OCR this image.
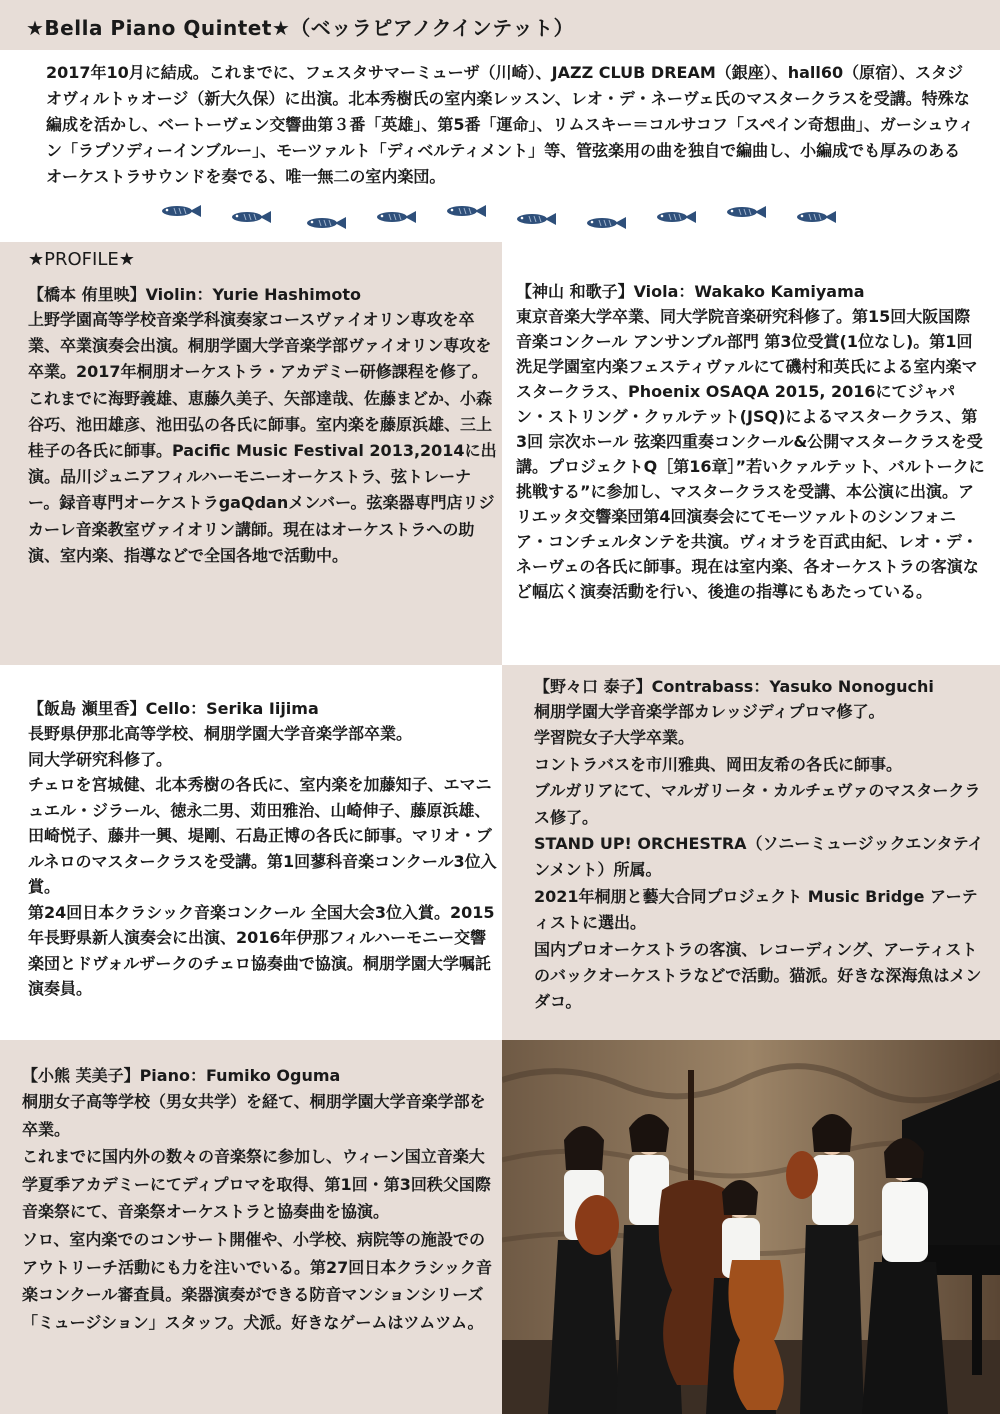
★Bella Piano Quintet★（ベッラピアノクインテット）
2017年10月に結成。これまでに、フェスタサマーミューザ（川崎）、JAZZ CLUB DREAM（銀座）、hall60（原宿）、スタジオヴィルトゥオージ（新大久保）に出演。北本秀樹氏の室内楽レッスン、レオ・デ・ネーヴェ氏のマスタークラスを受講。特殊な編成を活かし、ベートーヴェン交響曲第３番「英雄」、第5番「運命」、リムスキー＝コルサコフ「スペイン奇想曲」、ガーシュウィン「ラプソディーインブルー」、モーツァルト「ディベルティメント」等、管弦楽用の曲を独自で編曲し、小編成でも厚みのあるオーケストラサウンドを奏でる、唯一無二の室内楽団。
★PROFILE★
【橋本 侑里映】Violin：Yurie Hashimoto
上野学園高等学校音楽学科演奏家コースヴァイオリン専攻を卒業、卒業演奏会出演。桐朋学園大学音楽学部ヴァイオリン専攻を卒業。2017年桐朋オーケストラ・アカデミー研修課程を修了。これまでに海野義雄、恵藤久美子、矢部達哉、佐藤まどか、小森谷巧、池田雄彦、池田弘の各氏に師事。室内楽を藤原浜雄、三上桂子の各氏に師事。Pacific Music Festival 2013,2014に出演。品川ジュニアフィルハーモニーオーケストラ、弦トレーナー。録音専門オーケストラgaQdanメンバー。弦楽器専門店リジカーレ音楽教室ヴァイオリン講師。現在はオーケストラへの助演、室内楽、指導などで全国各地で活動中。
【神山 和歌子】Viola：Wakako Kamiyama
東京音楽大学卒業、同大学院音楽研究科修了。第15回大阪国際音楽コンクール アンサンブル部門 第3位受賞(1位なし)。第1回洗足学園室内楽フェスティヴァルにて磯村和英氏による室内楽マスタークラス、Phoenix OSAQA 2015, 2016にてジャパン・ストリング・クヮルテット(JSQ)によるマスタークラス、第3回 宗次ホール 弦楽四重奏コンクール&公開マスタークラスを受講。プロジェクトQ［第16章］”若いクァルテット、バルトークに挑戦する”に参加し、マスタークラスを受講、本公演に出演。アリエッタ交響楽団第4回演奏会にてモーツァルトのシンフォニア・コンチェルタンテを共演。ヴィオラを百武由紀、レオ・デ・ネーヴェの各氏に師事。現在は室内楽、各オーケストラの客演など幅広く演奏活動を行い、後進の指導にもあたっている。
【飯島 瀬里香】Cello：Serika Iijima
長野県伊那北高等学校、桐朋学園大学音楽学部卒業。
同大学研究科修了。
チェロを宮城健、北本秀樹の各氏に、室内楽を加藤知子、エマニュエル・ジラール、徳永二男、苅田雅治、山崎伸子、藤原浜雄、田崎悦子、藤井一興、堤剛、石島正博の各氏に師事。マリオ・ブルネロのマスタークラスを受講。第1回蓼科音楽コンクール3位入賞。
第24回日本クラシック音楽コンクール 全国大会3位入賞。2015年長野県新人演奏会に出演、2016年伊那フィルハーモニー交響楽団とドヴォルザークのチェロ協奏曲で協演。桐朋学園大学嘱託演奏員。
【野々口 泰子】Contrabass：Yasuko Nonoguchi
桐朋学園大学音楽学部カレッジディプロマ修了。
学習院女子大学卒業。
コントラバスを市川雅典、岡田友希の各氏に師事。
ブルガリアにて、マルガリータ・カルチェヴァのマスタークラス修了。
STAND UP! ORCHESTRA（ソニーミュージックエンタテインメント）所属。
2021年桐朋と藝大合同プロジェクト Music Bridge アーティストに選出。
国内プロオーケストラの客演、レコーディング、アーティストのバックオーケストラなどで活動。猫派。好きな深海魚はメンダコ。
【小熊 芙美子】Piano：Fumiko Oguma
桐朋女子高等学校（男女共学）を経て、桐朋学園大学音楽学部を卒業。
これまでに国内外の数々の音楽祭に参加し、ウィーン国立音楽大学夏季アカデミーにてディプロマを取得、第1回・第3回秩父国際音楽祭にて、音楽祭オーケストラと協奏曲を協演。
ソロ、室内楽でのコンサート開催や、小学校、病院等の施設でのアウトリーチ活動にも力を注いでいる。第27回日本クラシック音楽コンクール審査員。楽器演奏ができる防音マンションシリーズ「ミュージション」スタッフ。犬派。好きなゲームはツムツム。
